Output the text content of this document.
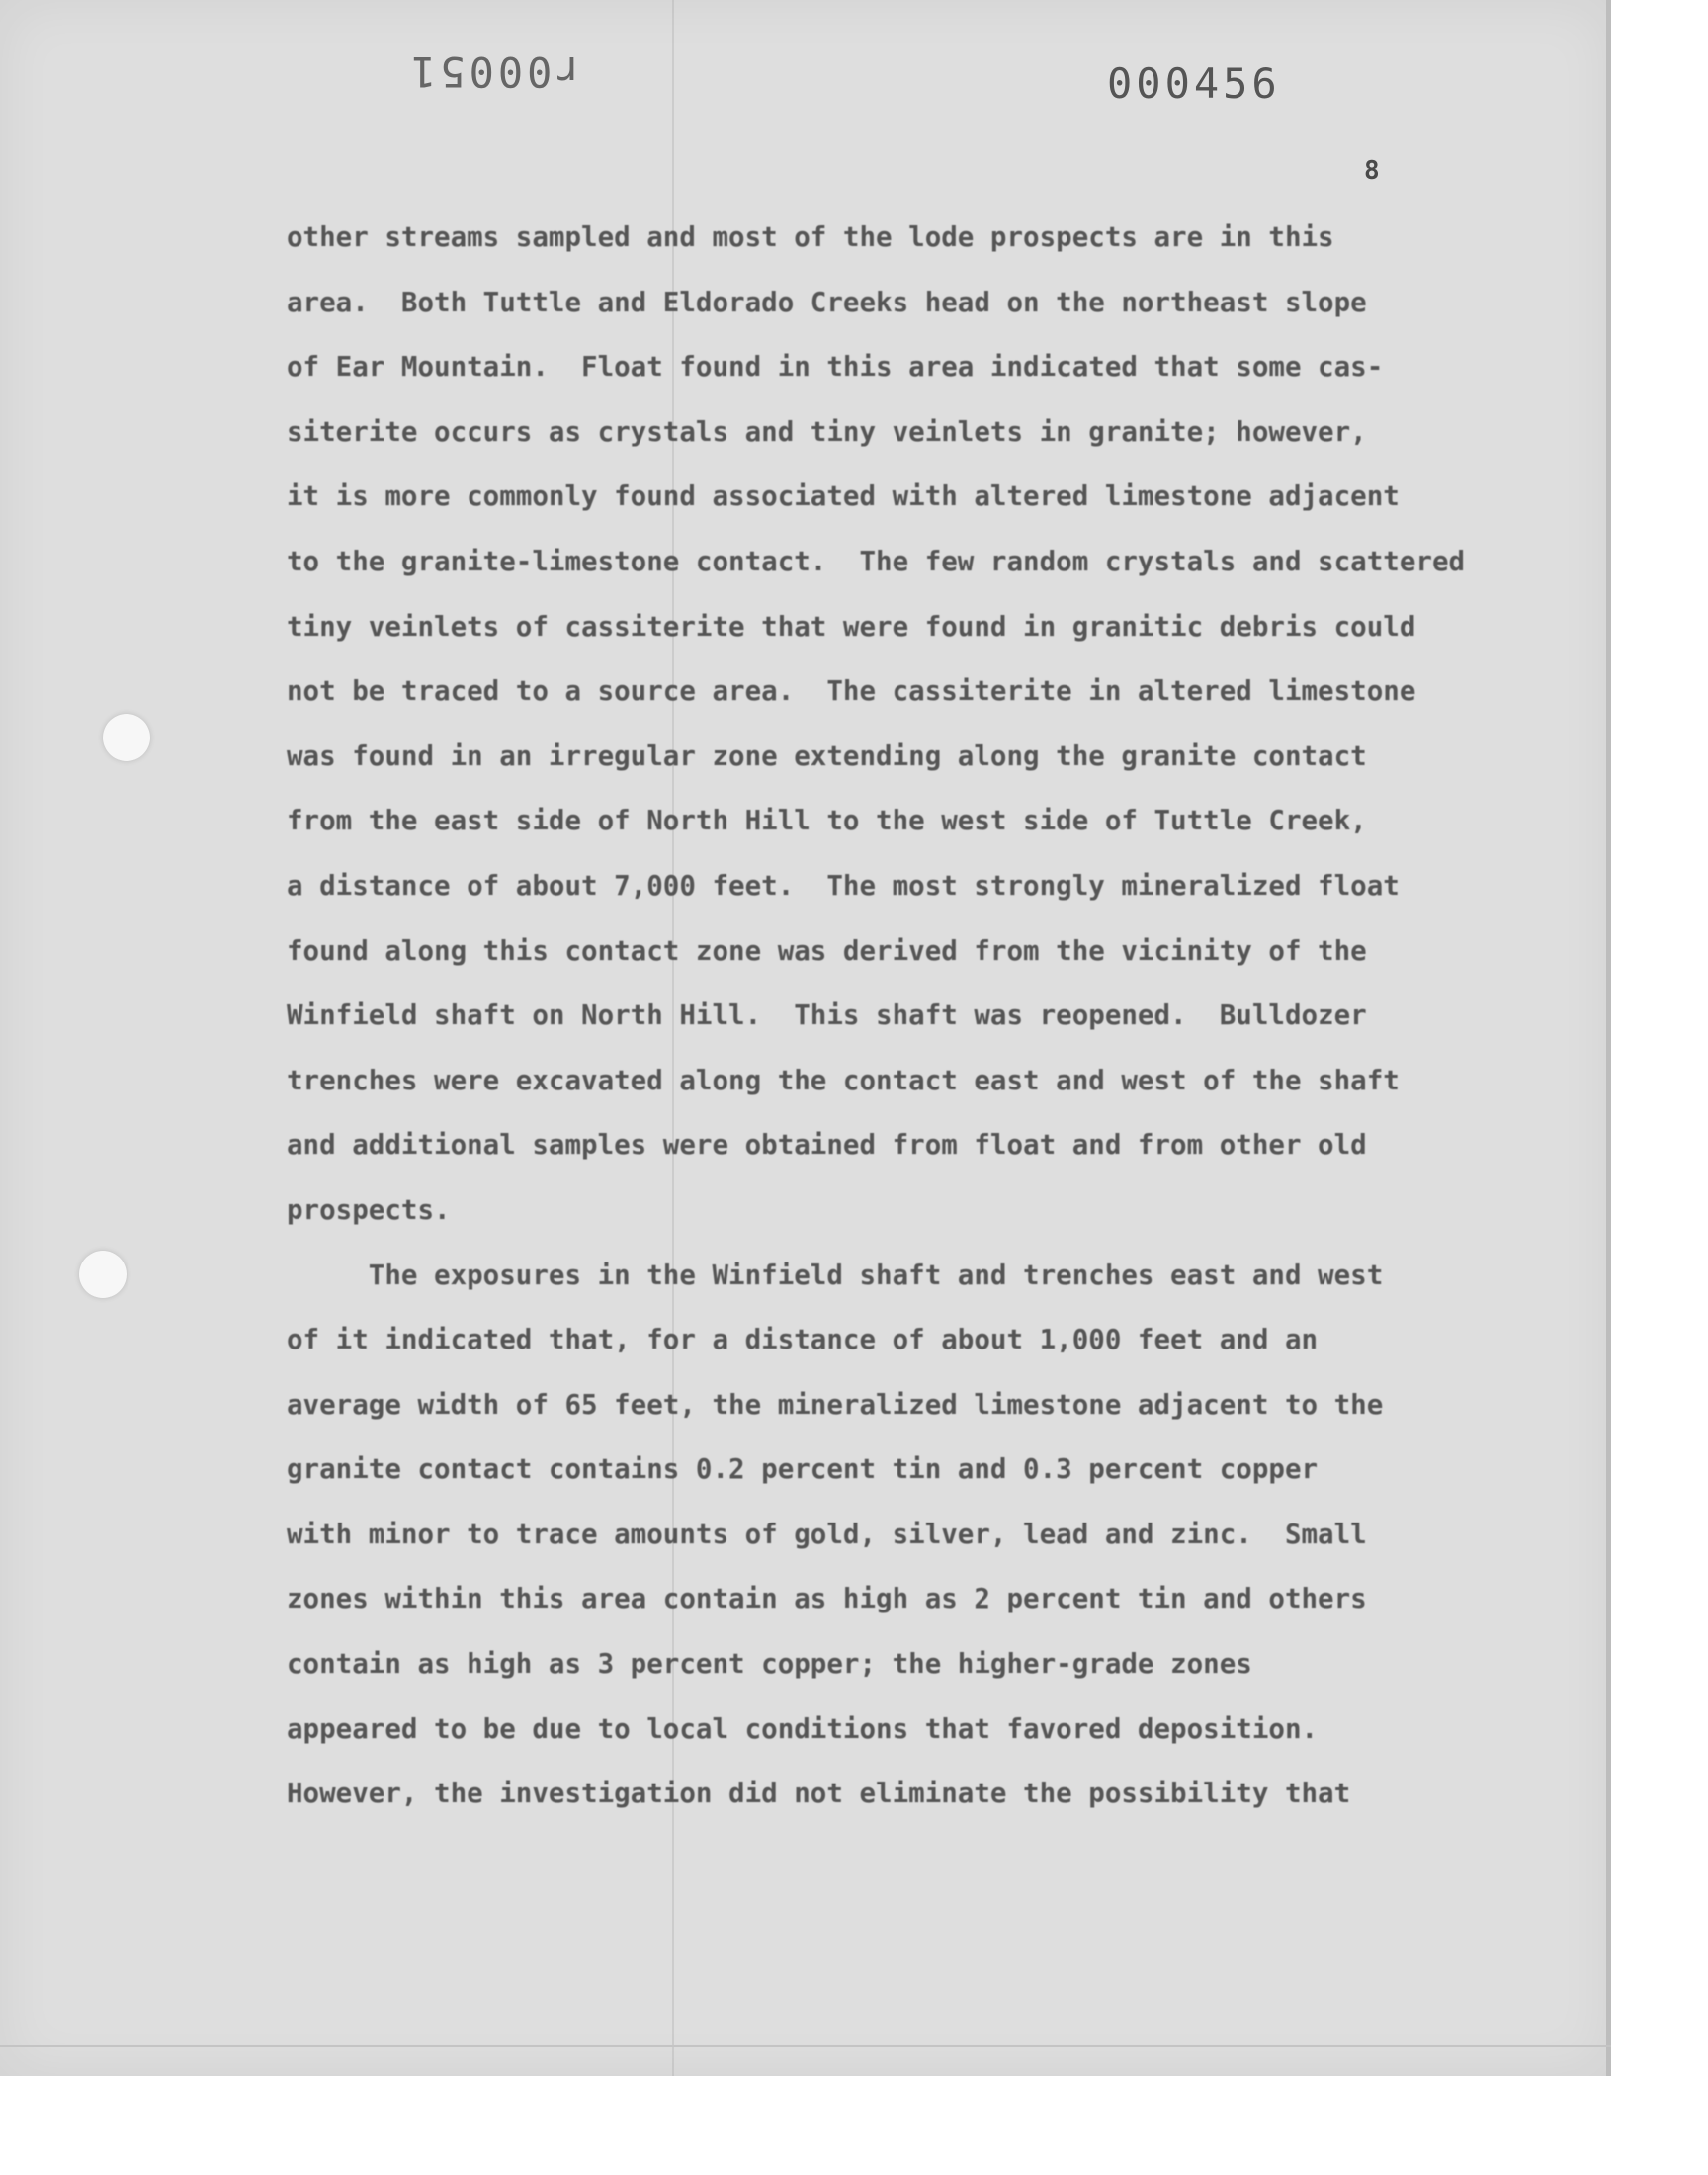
r00051	000456
8
other streams sampled and most of the lode prospects are in this
area.  Both Tuttle and Eldorado Creeks head on the northeast slope
of Ear Mountain.  Float found in this area indicated that some cas-
siterite occurs as crystals and tiny veinlets in granite; however,
it is more commonly found associated with altered limestone adjacent
to the granite-limestone contact.  The few random crystals and scattered
tiny veinlets of cassiterite that were found in granitic debris could
not be traced to a source area.  The cassiterite in altered limestone
was found in an irregular zone extending along the granite contact
from the east side of North Hill to the west side of Tuttle Creek,
a distance of about 7,000 feet.  The most strongly mineralized float
found along this contact zone was derived from the vicinity of the
Winfield shaft on North Hill.  This shaft was reopened.  Bulldozer
trenches were excavated along the contact east and west of the shaft
and additional samples were obtained from float and from other old
prospects.
The exposures in the Winfield shaft and trenches east and west
of it indicated that, for a distance of about 1,000 feet and an
average width of 65 feet, the mineralized limestone adjacent to the
granite contact contains 0.2 percent tin and 0.3 percent copper
with minor to trace amounts of gold, silver, lead and zinc.  Small
zones within this area contain as high as 2 percent tin and others
contain as high as 3 percent copper; the higher-grade zones
appeared to be due to local conditions that favored deposition.
However, the investigation did not eliminate the possibility that
